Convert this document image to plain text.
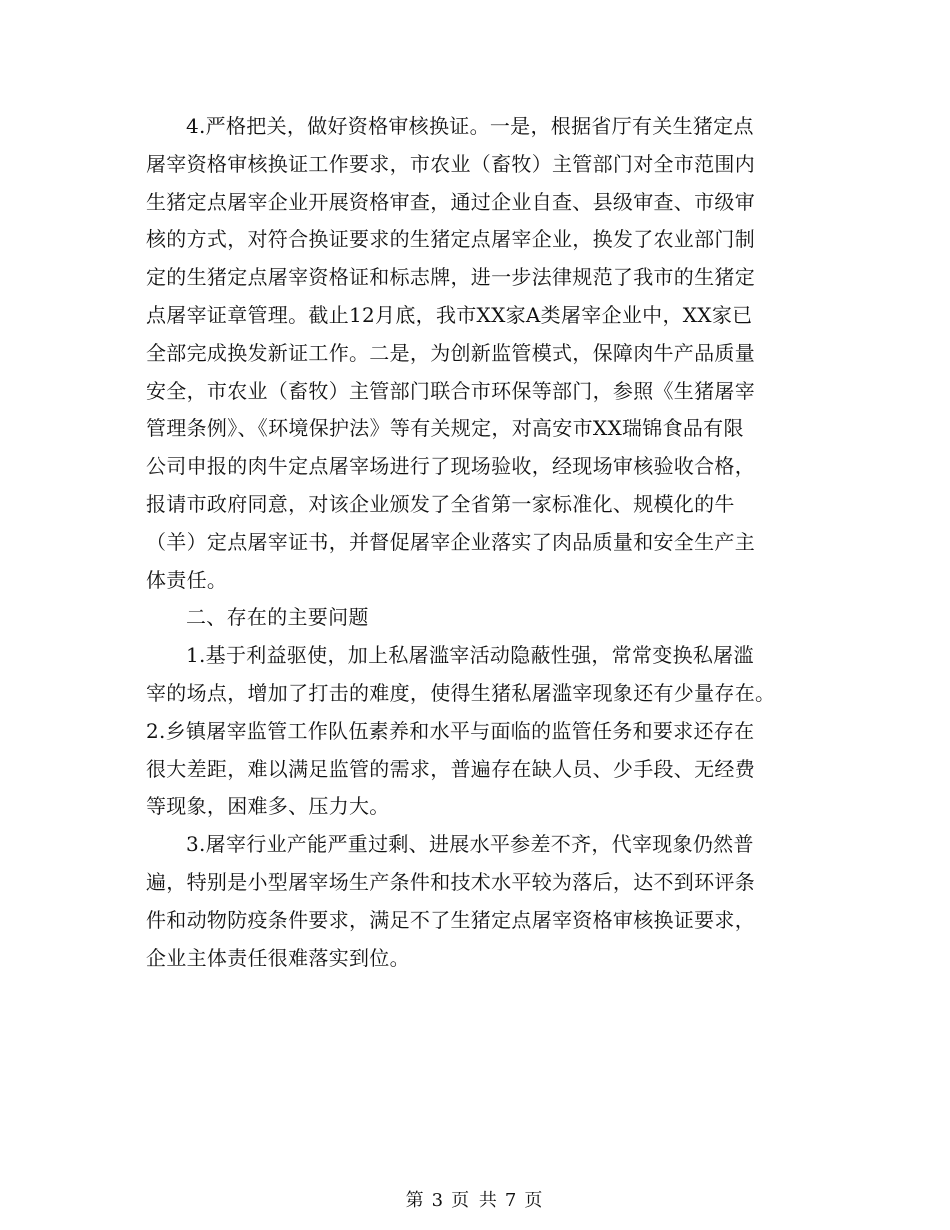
4.严格把关，做好资格审核换证。一是，根据省厅有关生猪定点
屠宰资格审核换证工作要求，市农业（畜牧）主管部门对全市范围内
生猪定点屠宰企业开展资格审查，通过企业自查、县级审查、市级审
核的方式，对符合换证要求的生猪定点屠宰企业，换发了农业部门制
定的生猪定点屠宰资格证和标志牌，进一步法律规范了我市的生猪定
点屠宰证章管理。截止12月底，我市XX家A类屠宰企业中，XX家已
全部完成换发新证工作。二是，为创新监管模式，保障肉牛产品质量
安全，市农业（畜牧）主管部门联合市环保等部门，参照《生猪屠宰
管理条例》、《环境保护法》等有关规定，对高安市XX瑞锦食品有限
公司申报的肉牛定点屠宰场进行了现场验收，经现场审核验收合格，
报请市政府同意，对该企业颁发了全省第一家标准化、规模化的牛
（羊）定点屠宰证书，并督促屠宰企业落实了肉品质量和安全生产主
体责任。
二、存在的主要问题
1.基于利益驱使，加上私屠滥宰活动隐蔽性强，常常变换私屠滥
宰的场点，增加了打击的难度，使得生猪私屠滥宰现象还有少量存在。
2.乡镇屠宰监管工作队伍素养和水平与面临的监管任务和要求还存在
很大差距，难以满足监管的需求，普遍存在缺人员、少手段、无经费
等现象，困难多、压力大。
3.屠宰行业产能严重过剩、进展水平参差不齐，代宰现象仍然普
遍，特别是小型屠宰场生产条件和技术水平较为落后，达不到环评条
件和动物防疫条件要求，满足不了生猪定点屠宰资格审核换证要求，
企业主体责任很难落实到位。
第 3 页 共 7 页
